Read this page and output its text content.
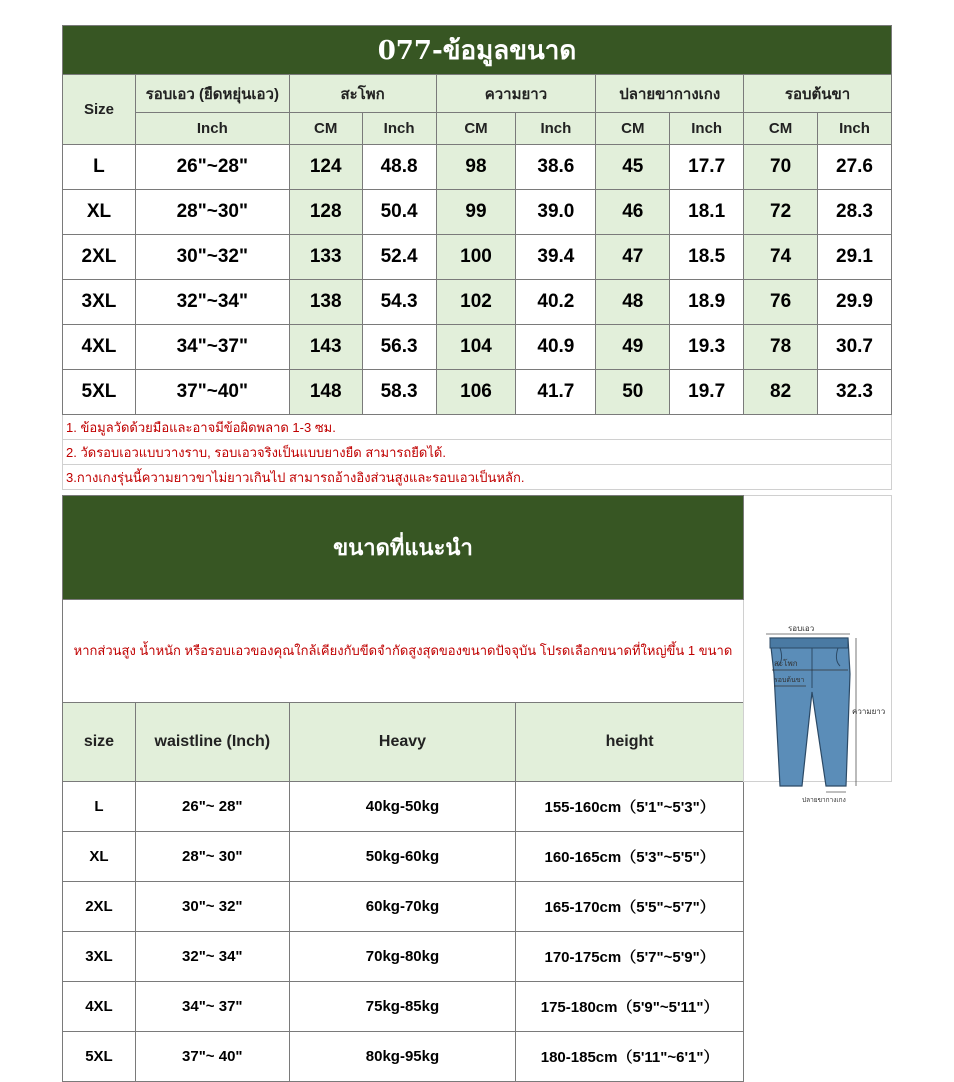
077-ข้อมูลขนาด									
Size	รอบเอว (ยืดหยุ่นเอว)	สะโพก		ความยาว		ปลายขากางเกง		รอบต้นขา	
	Inch	CM	Inch	CM	Inch	CM	Inch	CM	Inch
L	26"~28"	124	48.8	98	38.6	45	17.7	70	27.6
XL	28"~30"	128	50.4	99	39.0	46	18.1	72	28.3
2XL	30"~32"	133	52.4	100	39.4	47	18.5	74	29.1
3XL	32"~34"	138	54.3	102	40.2	48	18.9	76	29.9
4XL	34"~37"	143	56.3	104	40.9	49	19.3	78	30.7
5XL	37"~40"	148	58.3	106	41.7	50	19.7	82	32.3
1. ข้อมูลวัดด้วยมือและอาจมีข้อผิดพลาด 1-3 ซม.									
2. วัดรอบเอวแบบวางราบ, รอบเอวจริงเป็นแบบยางยืด สามารถยืดได้.									
3.กางเกงรุ่นนี้ความยาวขาไม่ยาวเกินไป สามารถอ้างอิงส่วนสูงและรอบเอวเป็นหลัก.									
ขนาดที่แนะนำ				รอบเอว
สะโพก
รอบต้นขา
ความยาว
ปลายขากางเกง

หากส่วนสูง น้ำหนัก หรือรอบเอวของคุณใกล้เคียงกับขีดจำกัดสูงสุดของขนาดปัจจุบัน โปรดเลือกขนาดที่ใหญ่ขึ้น 1 ขนาด				
size	waistline (Inch)	Heavy	height	
L	26"~ 28"	40kg-50kg	155-160cm（5'1"~5'3"）	
XL	28"~ 30"	50kg-60kg	160-165cm（5'3"~5'5"）	
2XL	30"~ 32"	60kg-70kg	165-170cm（5'5"~5'7"）	
3XL	32"~ 34"	70kg-80kg	170-175cm（5'7"~5'9"）	
4XL	34"~ 37"	75kg-85kg	175-180cm（5'9"~5'11"）	
5XL	37"~ 40"	80kg-95kg	180-185cm（5'11"~6'1"）	
